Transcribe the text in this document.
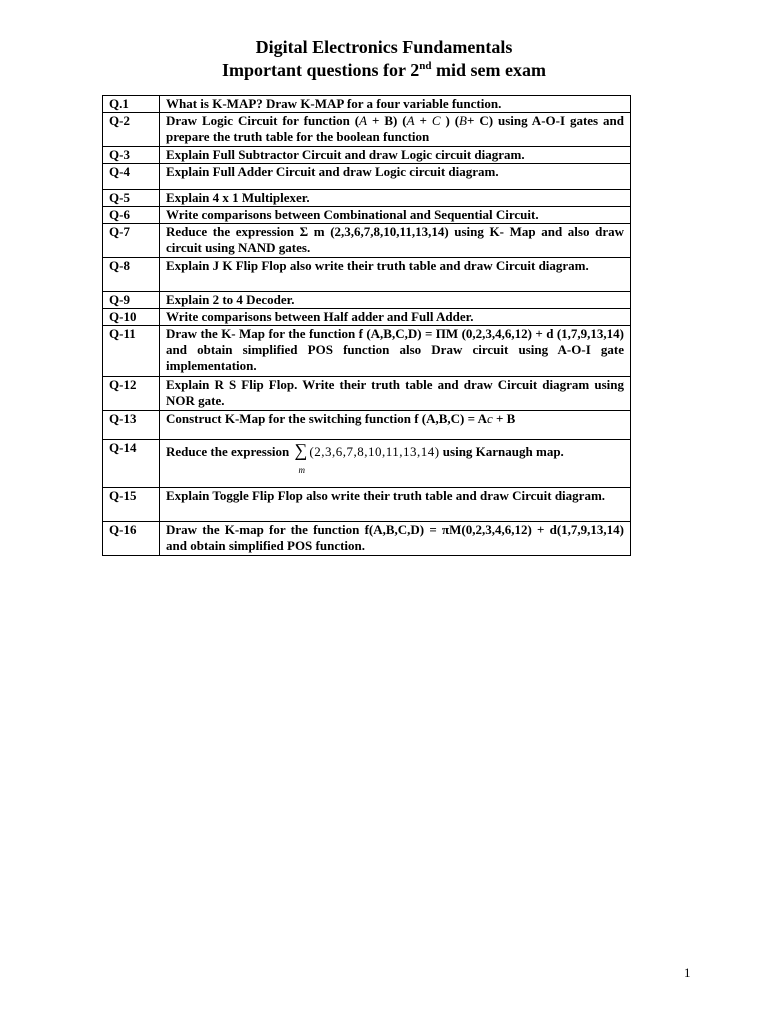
Digital Electronics Fundamentals
Important questions for 2nd mid sem exam
Q.1	What is K-MAP? Draw K-MAP for a four variable function.
Q-2	Draw Logic Circuit for function $(\overline{A} + B) (\overline{A} + \overline{C}$ ) $(\overline{B}+ C)$ using A-O-I gates and prepare the truth table for the boolean function
Q-3	Explain Full Subtractor Circuit and draw Logic circuit diagram.
Q-4	Explain Full Adder Circuit and draw Logic circuit diagram.
Q-5	Explain 4 x 1 Multiplexer.
Q-6	Write comparisons between Combinational and Sequential Circuit.
Q-7	Reduce the expression Σ m (2,3,6,7,8,10,11,13,14) using K- Map and also draw circuit using NAND gates.
Q-8	Explain J K Flip Flop also write their truth table and draw Circuit diagram.
Q-9	Explain 2 to 4 Decoder.
Q-10	Write comparisons between Half adder and Full Adder.
Q-11	Draw the K- Map for the function f (A,B,C,D) = ΠM (0,2,3,4,6,12) + d (1,7,9,13,14) and obtain simplified POS function also Draw circuit using A-O-I gate implementation.
Q-12	Explain R S Flip Flop. Write their truth table and draw Circuit diagram using NOR gate.
Q-13	Construct K-Map for the switching function f $(A,B,C) = A\overline{c} + B$
Q-14	Reduce the expression ∑
m
(2,3,6,7,8,10,11,13,14) using Karnaugh map.
Q-15	Explain Toggle Flip Flop also write their truth table and draw Circuit diagram.
Q-16	Draw the K-map for the function f(A,B,C,D) = πM(0,2,3,4,6,12) + d(1,7,9,13,14) and obtain simplified POS function.
1
